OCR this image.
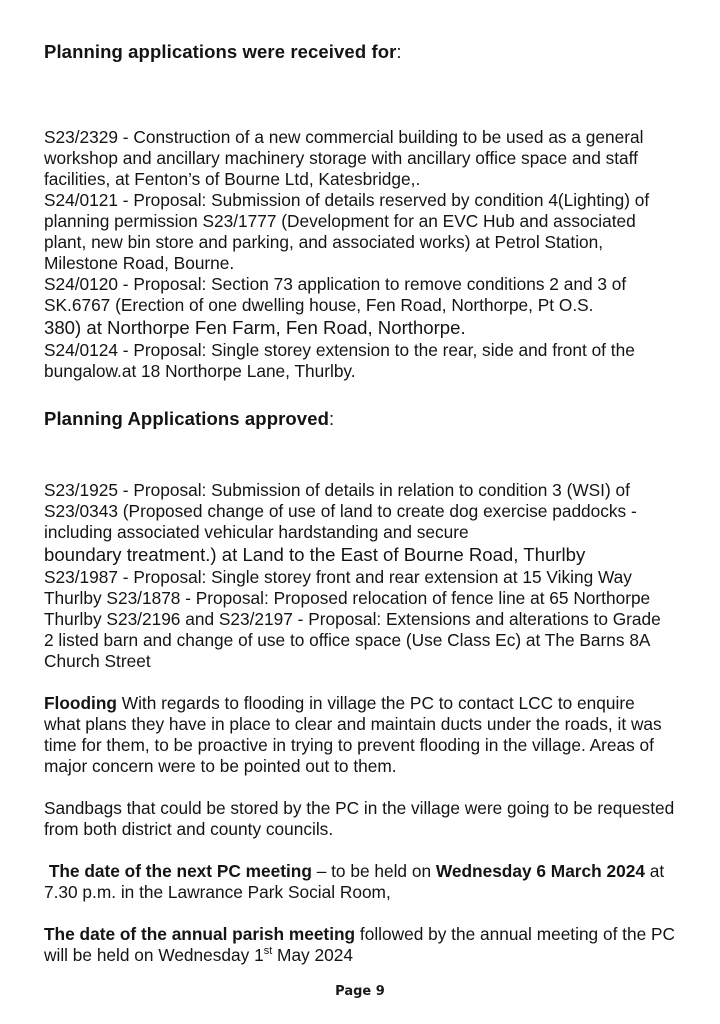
Planning applications were received for:

S23/2329 - Construction of a new commercial building to be used as a general workshop and ancillary machinery storage with ancillary office space and staff facilities, at Fenton’s of Bourne Ltd, Katesbridge,.

S24/0121 - Proposal: Submission of details reserved by condition 4(Lighting) of planning permission S23/1777 (Development for an EVC Hub and associated plant, new bin store and parking, and associated works) at Petrol Station, Milestone Road, Bourne.

S24/0120 - Proposal: Section 73 application to remove conditions 2 and 3 of SK.6767 (Erection of one dwelling house, Fen Road, Northorpe, Pt O.S.

380) at Northorpe Fen Farm, Fen Road, Northorpe.

S24/0124 - Proposal: Single storey extension to the rear, side and front of the bungalow.at 18 Northorpe Lane, Thurlby.

Planning Applications approved:

S23/1925 - Proposal: Submission of details in relation to condition 3 (WSI) of S23/0343 (Proposed change of use of land to create dog exercise paddocks - including associated vehicular hardstanding and secure

boundary treatment.) at Land to the East of Bourne Road, Thurlby

S23/1987 - Proposal: Single storey front and rear extension at 15 Viking Way Thurlby S23/1878 - Proposal: Proposed relocation of fence line at 65 Northorpe Thurlby S23/2196 and S23/2197 - Proposal: Extensions and alterations to Grade 2 listed barn and change of use to office space (Use Class Ec) at The Barns 8A Church Street

Flooding With regards to flooding in village the PC to contact LCC to enquire what plans they have in place to clear and maintain ducts under the roads, it was time for them, to be proactive in trying to prevent flooding in the village. Areas of major concern were to be pointed out to them.

Sandbags that could be stored by the PC in the village were going to be requested from both district and county councils.

The date of the next PC meeting – to be held on Wednesday 6 March 2024 at 7.30 p.m. in the Lawrance Park Social Room,

The date of the annual parish meeting followed by the annual meeting of the PC will be held on Wednesday 1st May 2024

Page 9
